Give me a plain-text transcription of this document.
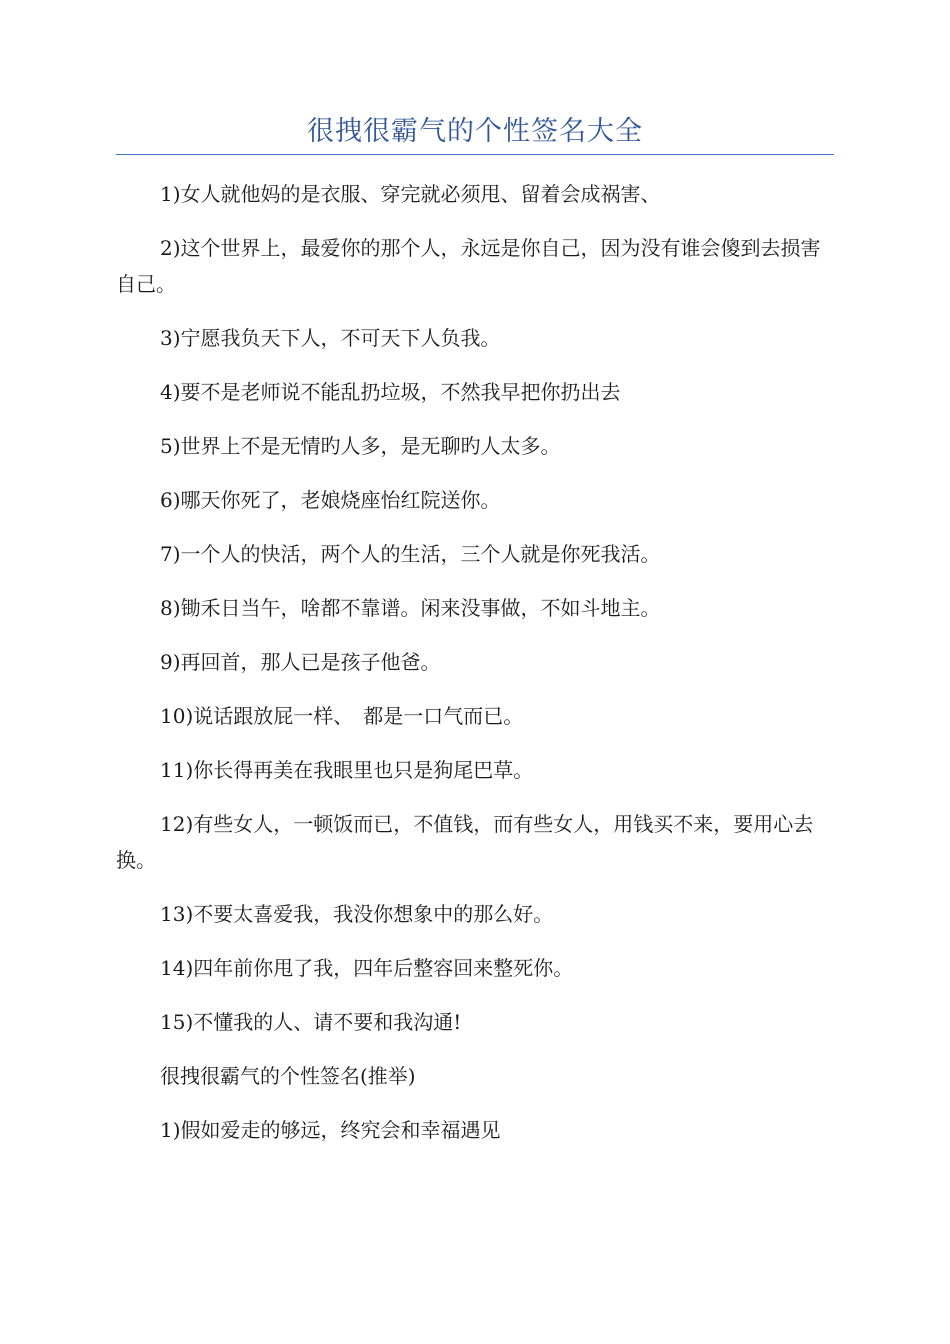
很拽很霸气的个性签名大全

1)女人就他妈的是衣服、穿完就必须甩、留着会成祸害、

2)这个世界上，最爱你的那个人，永远是你自己，因为没有谁会傻到去损害自己。

3)宁愿我负天下人，不可天下人负我。

4)要不是老师说不能乱扔垃圾，不然我早把你扔出去

5)世界上不是无情旳人多，是无聊旳人太多。

6)哪天你死了，老娘烧座怡红院送你。

7)一个人的快活，两个人的生活，三个人就是你死我活。

8)锄禾日当午，啥都不靠谱。闲来没事做，不如斗地主。

9)再回首，那人已是孩子他爸。

10)说话跟放屁一样、　都是一口气而已。

11)你长得再美在我眼里也只是狗尾巴草。

12)有些女人，一顿饭而已，不值钱，而有些女人，用钱买不来，要用心去换。

13)不要太喜爱我，我没你想象中的那么好。

14)四年前你甩了我，四年后整容回来整死你。

15)不懂我的人、请不要和我沟通!

很拽很霸气的个性签名(推举)

1)假如爱走的够远，终究会和幸福遇见
